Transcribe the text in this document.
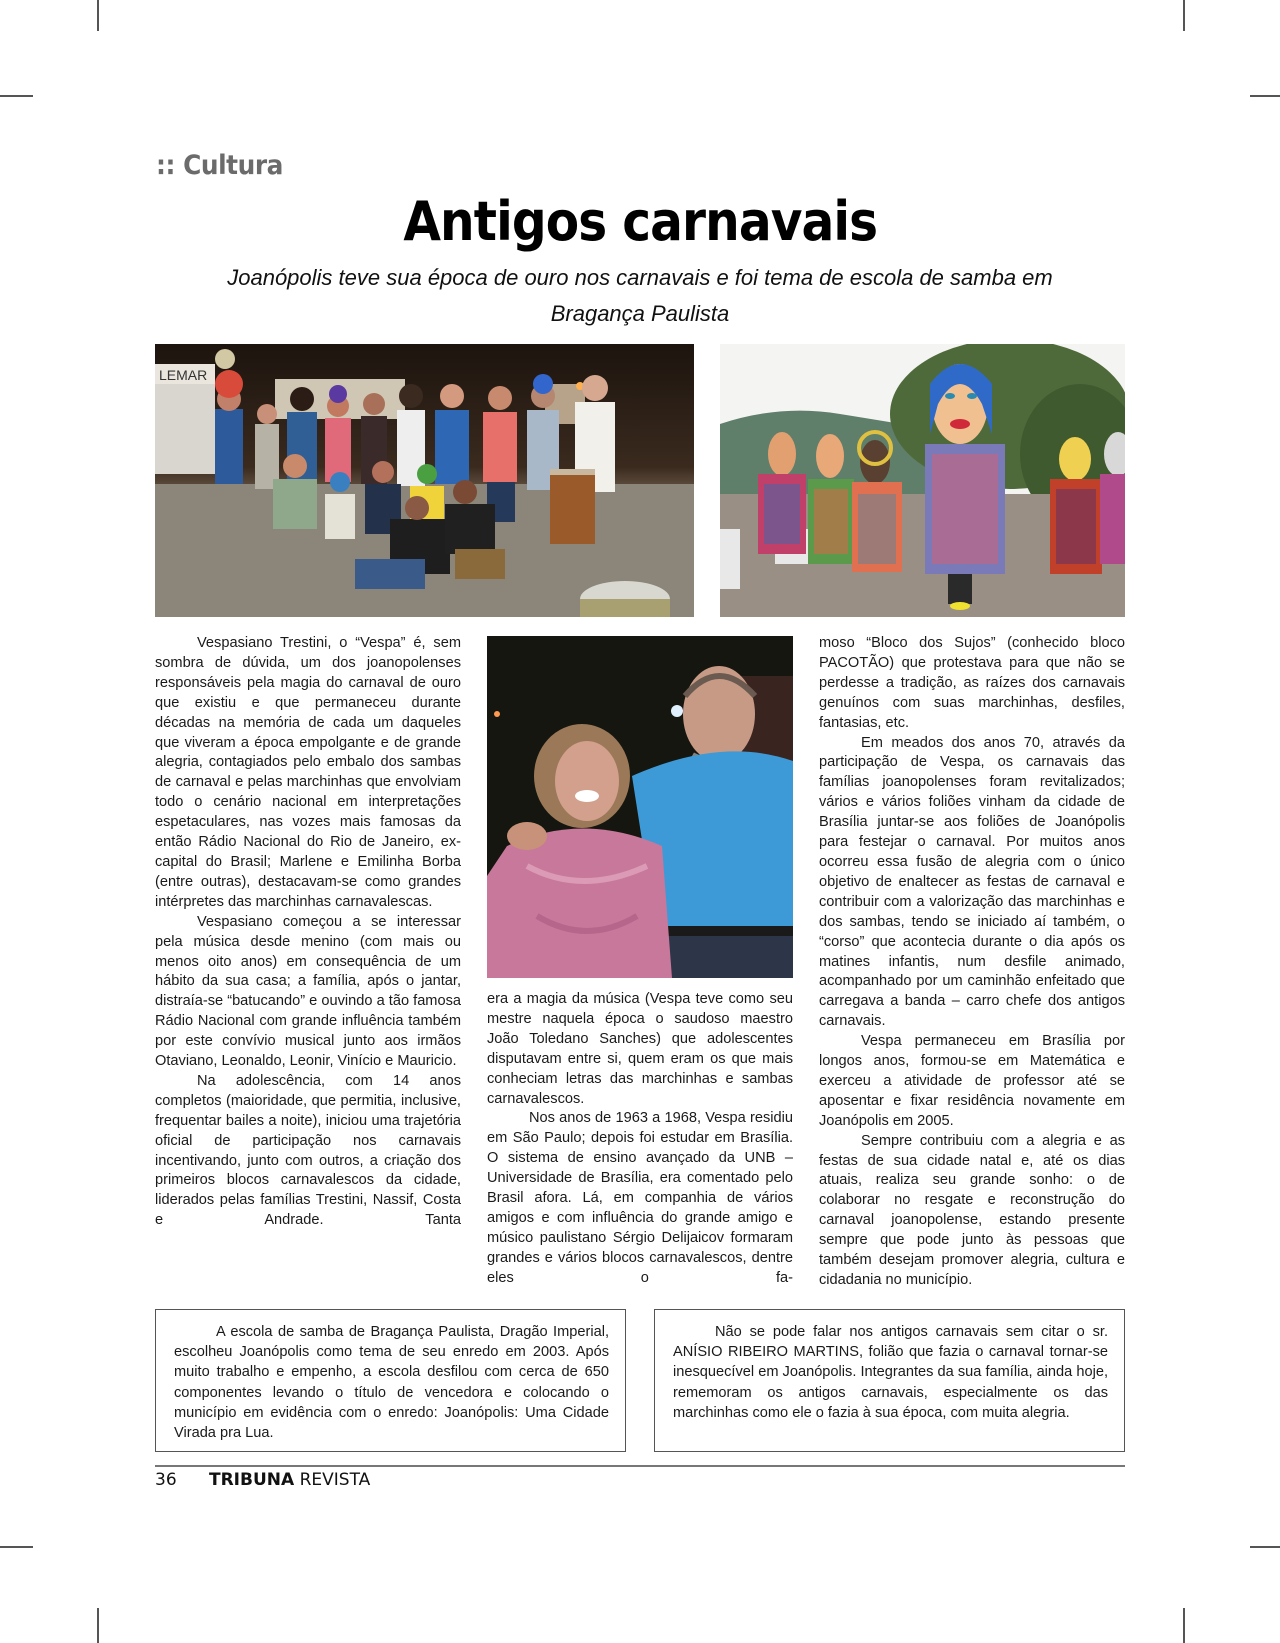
:: Cultura
Antigos carnavais
Joanópolis teve sua época de ouro nos carnavais e foi tema de escola de samba em Bragança Paulista
LEMAR

Vespasiano Trestini, o “Vespa” é, sem sombra de dúvida, um dos joanopolenses responsáveis pela magia do carnaval de ouro que existiu e que permaneceu durante décadas na memória de cada um daqueles que viveram a época empolgante e de grande alegria, contagiados pelo embalo dos sambas de carnaval e pelas marchinhas que envolviam todo o cenário nacional em interpretações espetaculares, nas vozes mais famosas da então Rádio Nacional do Rio de Janeiro, ex-capital do Brasil; Marlene e Emilinha Borba (entre outras), destacavam-se como grandes intérpretes das marchinhas carnavalescas.

Vespasiano começou a se interessar pela música desde menino (com mais ou menos oito anos) em consequência de um hábito da sua casa; a família, após o jantar, distraía-se “batucando” e ouvindo a tão famosa Rádio Nacional com grande influência também por este convívio musical junto aos irmãos Otaviano, Leonaldo, Leonir, Vinício e Mauricio.

Na adolescência, com 14 anos completos (maioridade, que permitia, inclusive, frequentar bailes a noite), iniciou uma trajetória oficial de participação nos carnavais incentivando, junto com outros, a criação dos primeiros blocos carnavalescos da cidade, liderados pelas famílias Trestini, Nassif, Costa e Andrade. Tanta

era a magia da música (Vespa teve como seu mestre naquela época o saudoso maestro João Toledano Sanches) que adolescentes disputavam entre si, quem eram os que mais conheciam letras das marchinhas e sambas carnavalescos.

Nos anos de 1963 a 1968, Vespa residiu em São Paulo; depois foi estudar em Brasília. O sistema de ensino avançado da UNB – Universidade de Brasília, era comentado pelo Brasil afora. Lá, em companhia de vários amigos e com influência do grande amigo e músico paulistano Sérgio Delijaicov formaram grandes e vários blocos carnavalescos, dentre eles o fa-

moso “Bloco dos Sujos” (conhecido bloco PACOTÃO) que protestava para que não se perdesse a tradição, as raízes dos carnavais genuínos com suas marchinhas, desfiles, fantasias, etc.

Em meados dos anos 70, através da participação de Vespa, os carnavais das famílias joanopolenses foram revitalizados; vários e vários foliões vinham da cidade de Brasília juntar-se aos foliões de Joanópolis para festejar o carnaval. Por muitos anos ocorreu essa fusão de alegria com o único objetivo de enaltecer as festas de carnaval e contribuir com a valorização das marchinhas e dos sambas, tendo se iniciado aí também, o “corso” que acontecia durante o dia após os matines infantis, num desfile animado, acompanhado por um caminhão enfeitado que carregava a banda – carro chefe dos antigos carnavais.

Vespa permaneceu em Brasília por longos anos, formou-se em Matemática e exerceu a atividade de professor até se aposentar e fixar residência novamente em Joanópolis em 2005.

Sempre contribuiu com a alegria e as festas de sua cidade natal e, até os dias atuais, realiza seu grande sonho: o de colaborar no resgate e reconstrução do carnaval joanopolense, estando presente sempre que pode junto às pessoas que também desejam promover alegria, cultura e cidadania no município.

A escola de samba de Bragança Paulista, Dragão Imperial, escolheu Joanópolis como tema de seu enredo em 2003. Após muito trabalho e empenho, a escola desfilou com cerca de 650 componentes levando o título de vencedora e colocando o município em evidência com o enredo: Joanópolis: Uma Cidade Virada pra Lua.

Não se pode falar nos antigos carnavais sem citar o sr. ANÍSIO RIBEIRO MARTINS, folião que fazia o carnaval tornar-se inesquecível em Joanópolis. Integrantes da sua família, ainda hoje, rememoram os antigos carnavais, especialmente os das marchinhas como ele o fazia à sua época, com muita alegria.

36 TRIBUNA REVISTA
